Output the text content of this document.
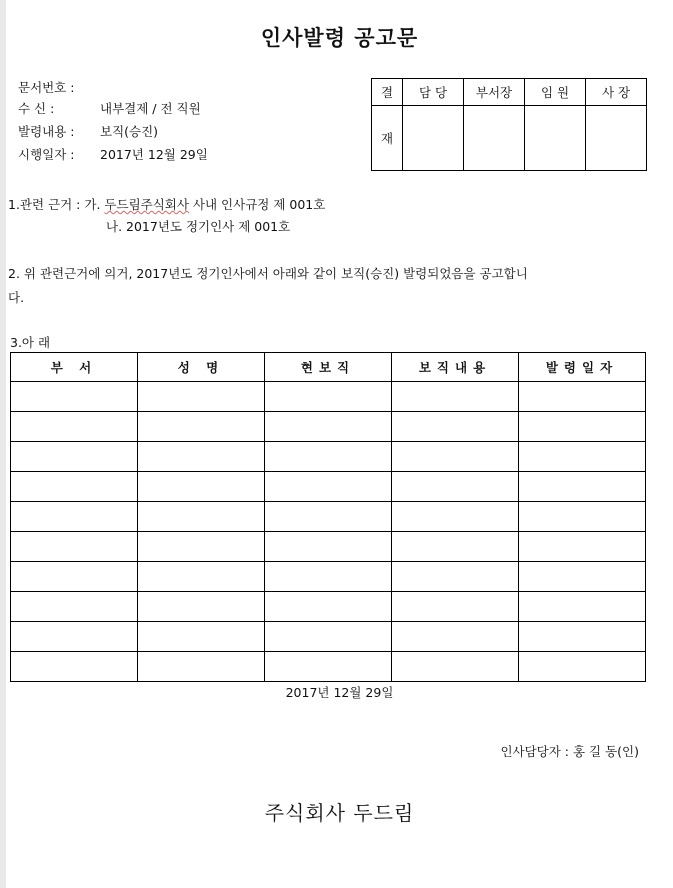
인사발령 공고문
문서번호 :
수 신 :	내부결제 / 전 직원
발령내용 : 보직(승진)
시행일자 : 2017년 12월 29일
결	담 당	부서장	임 원	사 장
재				
1.관련 근거 : 가. 두드림주식회사 사내 인사규정 제 001호
나. 2017년도 정기인사 제 001호
2. 위 관련근거에 의거, 2017년도 정기인사에서 아래와 같이 보직(승진) 발령되었음을 공고합니
다.
3.아 래
부 서	성 명	현보직	보직내용	발령일자

2017년 12월 29일
인사담당자 : 홍 길 동(인)
주식회사 두드림
